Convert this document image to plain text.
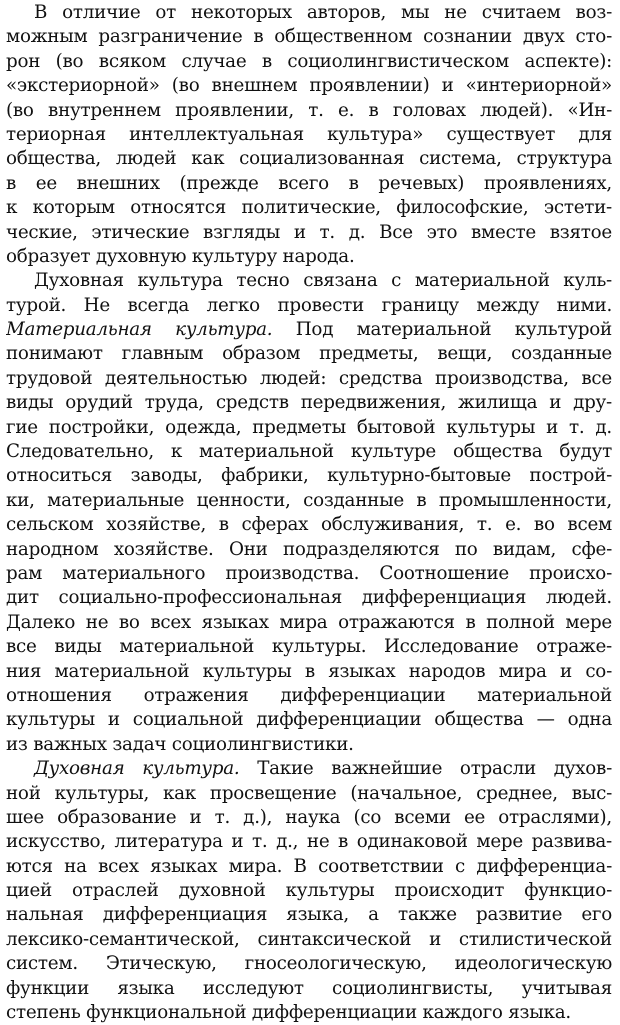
В отличие от некоторых авторов, мы не считаем воз-
можным разграничение в общественном сознании двух сто-
рон (во всяком случае в социолингвистическом аспекте):
«экстериорной» (во внешнем проявлении) и «интериорной»
(во внутреннем проявлении, т. е. в головах людей). «Ин-
териорная интеллектуальная культура» существует для
общества, людей как социализованная система, структура
в ее внешних (прежде всего в речевых) проявлениях,
к которым относятся политические, философские, эстети-
ческие, этические взгляды и т. д. Все это вместе взятое
образует духовную культуру народа.
Духовная культура тесно связана с материальной куль-
турой. Не всегда легко провести границу между ними.
Материальная культура. Под материальной культурой
понимают главным образом предметы, вещи, созданные
трудовой деятельностью людей: средства производства, все
виды орудий труда, средств передвижения, жилища и дру-
гие постройки, одежда, предметы бытовой культуры и т. д.
Следовательно, к материальной культуре общества будут
относиться заводы, фабрики, культурно-бытовые построй-
ки, материальные ценности, созданные в промышленности,
сельском хозяйстве, в сферах обслуживания, т. е. во всем
народном хозяйстве. Они подразделяются по видам, сфе-
рам материального производства. Соотношение происхо-
дит социально-профессиональная дифференциация людей.
Далеко не во всех языках мира отражаются в полной мере
все виды материальной культуры. Исследование отраже-
ния материальной культуры в языках народов мира и со-
отношения отражения дифференциации материальной
культуры и социальной дифференциации общества — одна
из важных задач социолингвистики.
Духовная культура. Такие важнейшие отрасли духов-
ной культуры, как просвещение (начальное, среднее, выс-
шее образование и т. д.), наука (со всеми ее отраслями),
искусство, литература и т. д., не в одинаковой мере развива-
ются на всех языках мира. В соответствии с дифференциа-
цией отраслей духовной культуры происходит функцио-
нальная дифференциация языка, а также развитие его
лексико-семантической, синтаксической и стилистической
систем. Этическую, гносеологическую, идеологическую
функции языка исследуют социолингвисты, учитывая
степень функциональной дифференциации каждого языка.
